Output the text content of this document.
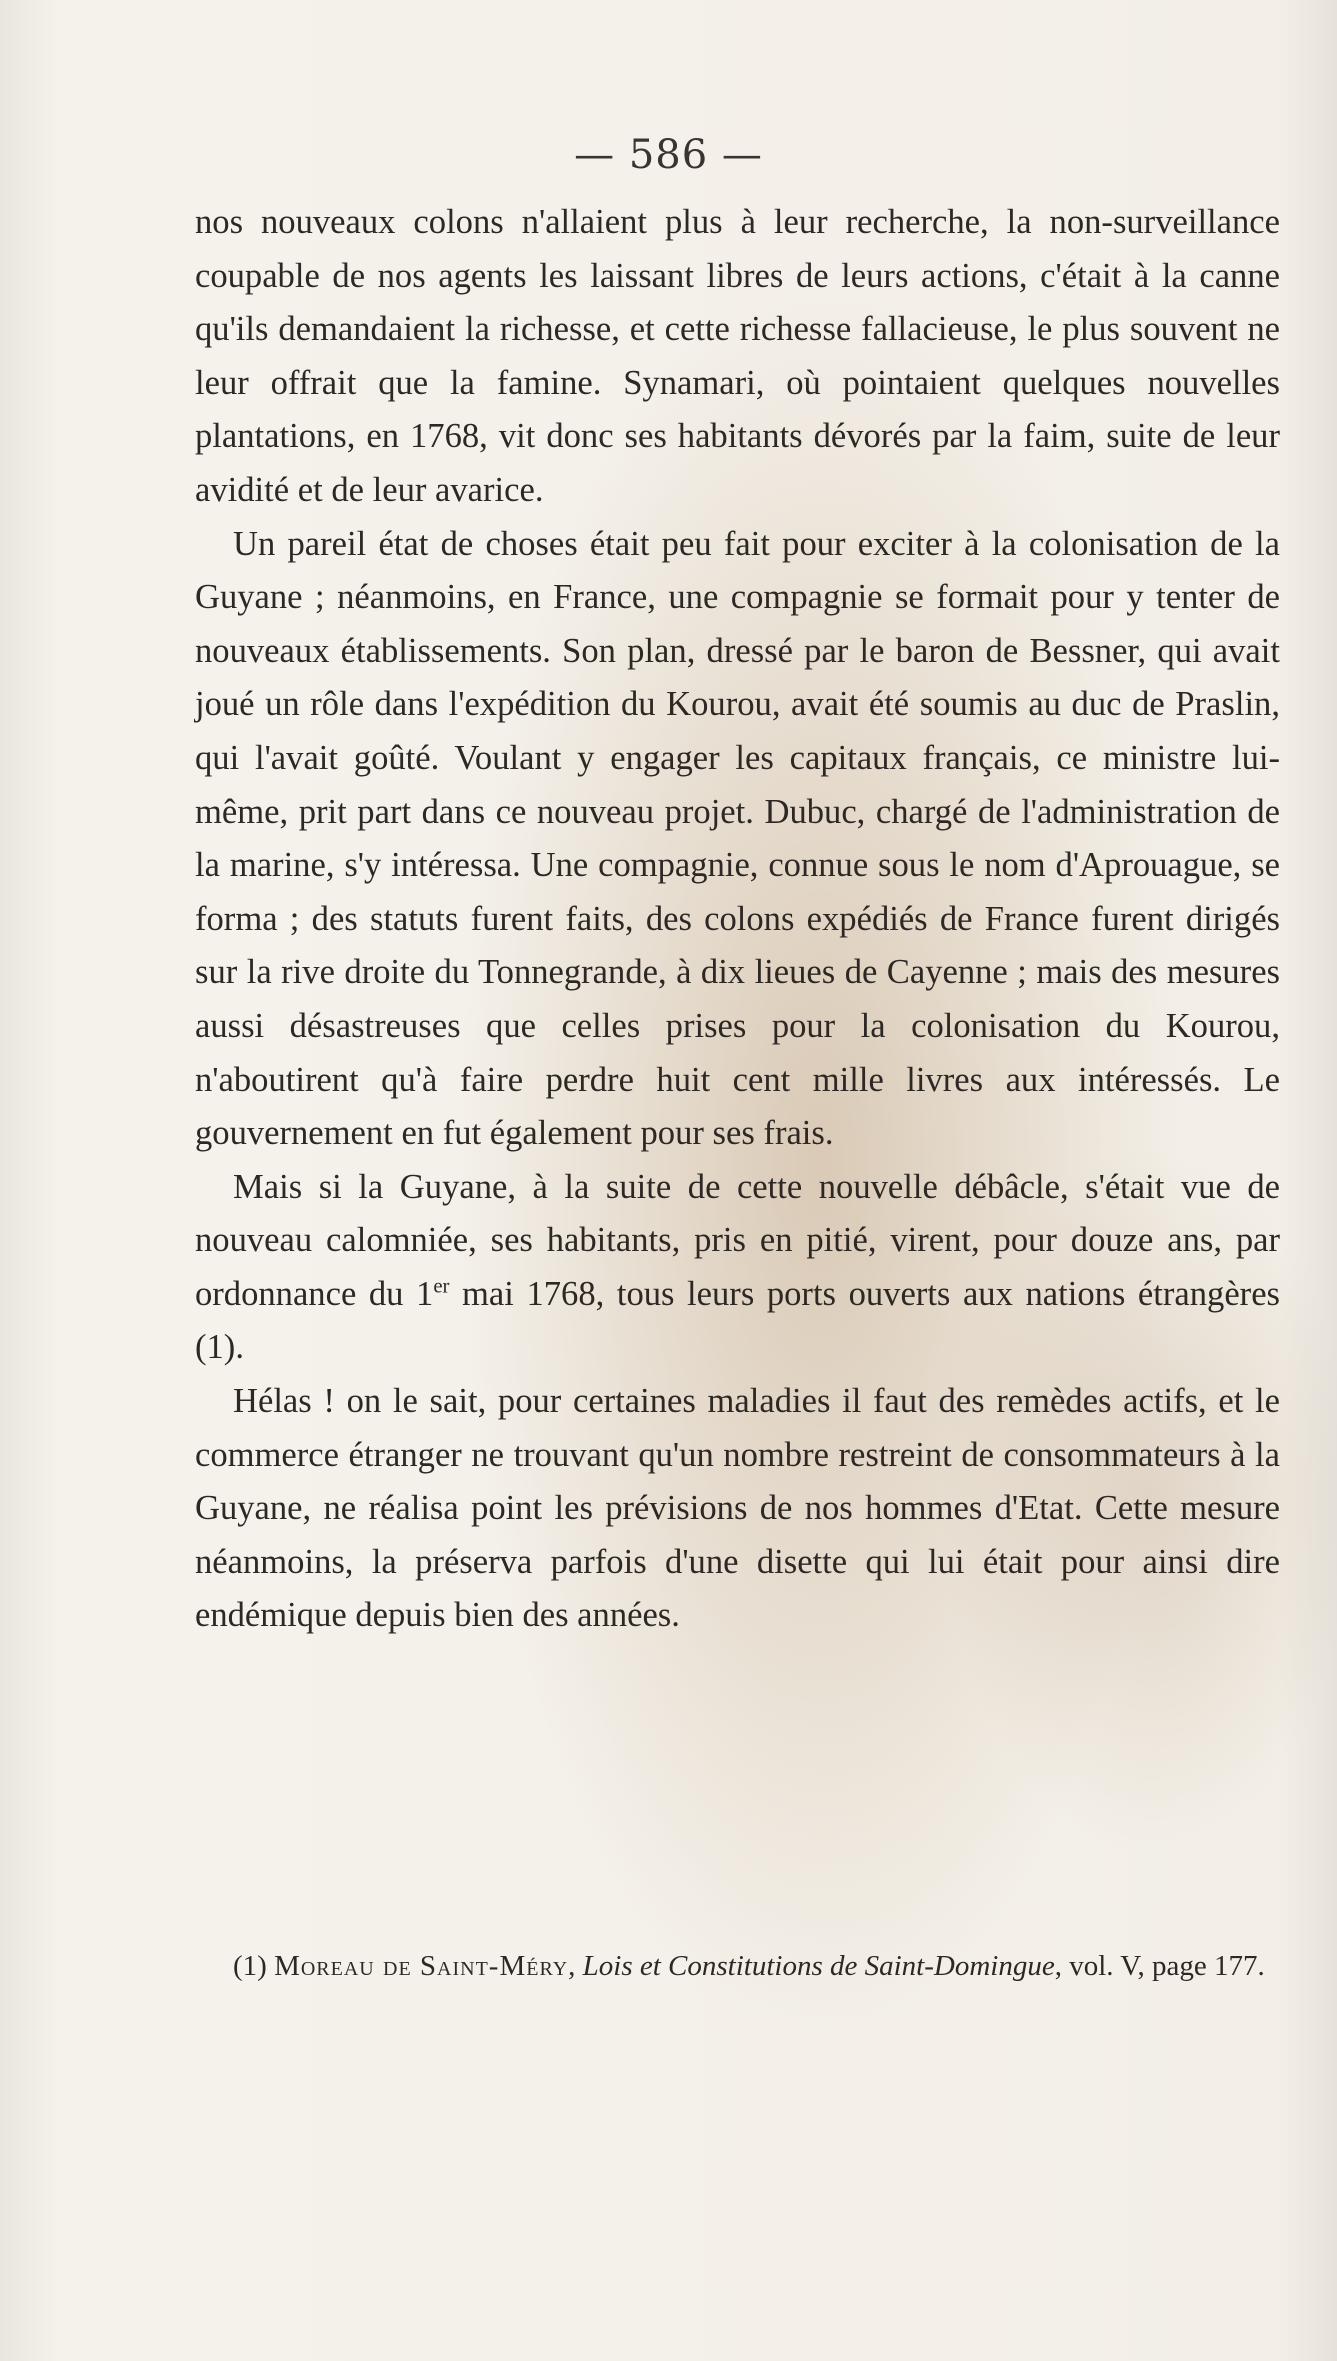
— 586 —

nos nouveaux colons n'allaient plus à leur recherche, la non-surveillance coupable de nos agents les laissant libres de leurs actions, c'était à la canne qu'ils demandaient la richesse, et cette richesse fallacieuse, le plus souvent ne leur offrait que la famine. Synamari, où pointaient quelques nouvelles plantations, en 1768, vit donc ses habitants dévorés par la faim, suite de leur avidité et de leur avarice.

Un pareil état de choses était peu fait pour exciter à la colonisation de la Guyane ; néanmoins, en France, une compagnie se formait pour y tenter de nouveaux établissements. Son plan, dressé par le baron de Bessner, qui avait joué un rôle dans l'expédition du Kourou, avait été soumis au duc de Praslin, qui l'avait goûté. Voulant y engager les capitaux français, ce ministre lui-même, prit part dans ce nouveau projet. Dubuc, chargé de l'administration de la marine, s'y intéressa. Une compagnie, connue sous le nom d'Aprouague, se forma ; des statuts furent faits, des colons expédiés de France furent dirigés sur la rive droite du Tonnegrande, à dix lieues de Cayenne ; mais des mesures aussi désastreuses que celles prises pour la colonisation du Kourou, n'aboutirent qu'à faire perdre huit cent mille livres aux intéressés. Le gouvernement en fut également pour ses frais.

Mais si la Guyane, à la suite de cette nouvelle débâcle, s'était vue de nouveau calomniée, ses habitants, pris en pitié, virent, pour douze ans, par ordonnance du 1er mai 1768, tous leurs ports ouverts aux nations étrangères (1).

Hélas ! on le sait, pour certaines maladies il faut des remèdes actifs, et le commerce étranger ne trouvant qu'un nombre restreint de consommateurs à la Guyane, ne réalisa point les prévisions de nos hommes d'Etat. Cette mesure néanmoins, la préserva parfois d'une disette qui lui était pour ainsi dire endémique depuis bien des années.

(1) Moreau de Saint-Méry, Lois et Constitutions de Saint-Domingue, vol. V, page 177.
